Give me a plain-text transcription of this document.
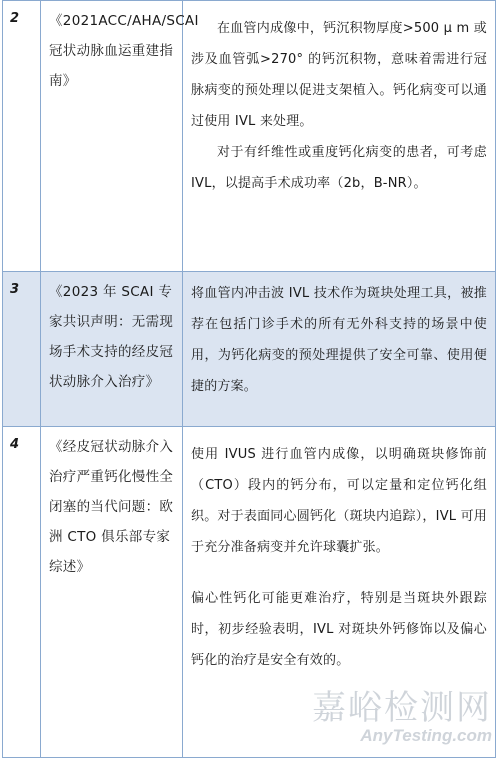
2	《2021ACC/AHA/SCAI冠状动脉血运重建指南》	在血管内成像中，钙沉积物厚度>500 μ m 或涉及血管弧>270° 的钙沉积物，意味着需进行冠脉病变的预处理以促进支架植入。钙化病变可以通过使用 IVL 来处理。

对于有纤维性或重度钙化病变的患者，可考虑 IVL，以提高手术成功率（2b，B-NR）。

3	《2023 年 SCAI 专家共识声明：无需现场手术支持的经皮冠状动脉介入治疗》	将血管内冲击波 IVL 技术作为斑块处理工具，被推荐在包括门诊手术的所有无外科支持的场景中使用，为钙化病变的预处理提供了安全可靠、使用便捷的方案。

4	《经皮冠状动脉介入治疗严重钙化慢性全闭塞的当代问题：欧洲 CTO 俱乐部专家综述》	使用 IVUS 进行血管内成像，以明确斑块修饰前（CTO）段内的钙分布，可以定量和定位钙化组织。对于表面同心圆钙化（斑块内追踪），IVL 可用于充分准备病变并允许球囊扩张。

偏心性钙化可能更难治疗，特别是当斑块外跟踪时，初步经验表明，IVL 对斑块外钙修饰以及偏心钙化的治疗是安全有效的。

嘉峪检测网
AnyTesting.com
